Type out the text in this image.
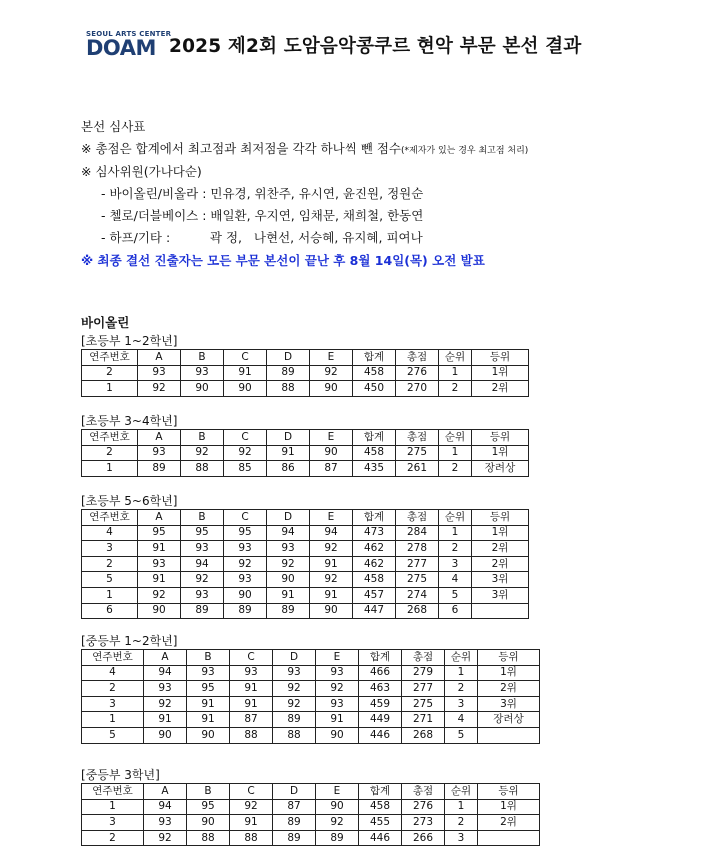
SEOUL ARTS CENTER
DOAM 2025 제2회 도암음악콩쿠르 현악 부문 본선 결과
본선 심사표
※ 총점은 합계에서 최고점과 최저점을 각각 하나씩 뺀 점수(*제자가 있는 경우 최고점 처리)
※ 심사위원(가나다순)
- 바이올린/비올라 : 민유경, 위찬주, 유시연, 윤진원, 정원순
- 첼로/더블베이스 : 배일환, 우지연, 임채문, 채희철, 한동연
- 하프/기타 :          곽 정,   나현선, 서승혜, 유지혜, 피여나
※ 최종 결선 진출자는 모든 부문 본선이 끝난 후 8월 14일(목) 오전 발표
바이올린
[초등부 1~2학년]
연주번호	A	B	C	D	E	합계	총점	순위	등위
2	93	93	91	89	92	458	276	1	1위
1	92	90	90	88	90	450	270	2	2위
[초등부 3~4학년]
연주번호	A	B	C	D	E	합계	총점	순위	등위
2	93	92	92	91	90	458	275	1	1위
1	89	88	85	86	87	435	261	2	장려상
[초등부 5~6학년]
연주번호	A	B	C	D	E	합계	총점	순위	등위
4	95	95	95	94	94	473	284	1	1위
3	91	93	93	93	92	462	278	2	2위
2	93	94	92	92	91	462	277	3	2위
5	91	92	93	90	92	458	275	4	3위
1	92	93	90	91	91	457	274	5	3위
6	90	89	89	89	90	447	268	6	
[중등부 1~2학년]
연주번호	A	B	C	D	E	합계	총점	순위	등위
4	94	93	93	93	93	466	279	1	1위
2	93	95	91	92	92	463	277	2	2위
3	92	91	91	92	93	459	275	3	3위
1	91	91	87	89	91	449	271	4	장려상
5	90	90	88	88	90	446	268	5	
[중등부 3학년]
연주번호	A	B	C	D	E	합계	총점	순위	등위
1	94	95	92	87	90	458	276	1	1위
3	93	90	91	89	92	455	273	2	2위
2	92	88	88	89	89	446	266	3	
